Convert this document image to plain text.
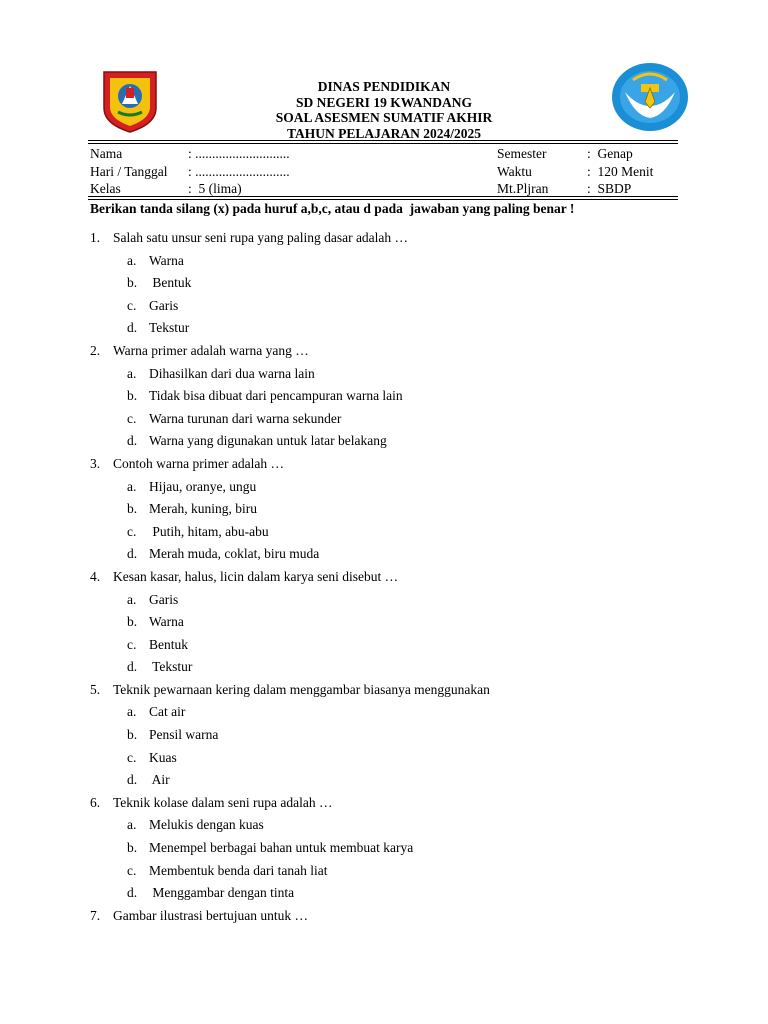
DINAS PENDIDIKAN
SD NEGERI 19 KWANDANG
SOAL ASESMEN SUMATIF AKHIR
TAHUN PELAJARAN 2024/2025
Nama	: ............................	Semester	:  Genap
Hari / Tanggal : ............................	Waktu	:  120 Menit
Kelas	:  5 (lima)	Mt.Pljran	:  SBDP
Berikan tanda silang (x) pada huruf a,b,c, atau d pada  jawaban yang paling benar !
1. Salah satu unsur seni rupa yang paling dasar adalah …
a. Warna
b. Bentuk
c. Garis
d. Tekstur
2. Warna primer adalah warna yang …
a. Dihasilkan dari dua warna lain
b. Tidak bisa dibuat dari pencampuran warna lain
c. Warna turunan dari warna sekunder
d. Warna yang digunakan untuk latar belakang
3. Contoh warna primer adalah …
a. Hijau, oranye, ungu
b. Merah, kuning, biru
c. Putih, hitam, abu-abu
d. Merah muda, coklat, biru muda
4. Kesan kasar, halus, licin dalam karya seni disebut …
a. Garis
b. Warna
c. Bentuk
d. Tekstur
5. Teknik pewarnaan kering dalam menggambar biasanya menggunakan
a. Cat air
b. Pensil warna
c. Kuas
d. Air
6. Teknik kolase dalam seni rupa adalah …
a. Melukis dengan kuas
b. Menempel berbagai bahan untuk membuat karya
c. Membentuk benda dari tanah liat
d. Menggambar dengan tinta
7. Gambar ilustrasi bertujuan untuk …
